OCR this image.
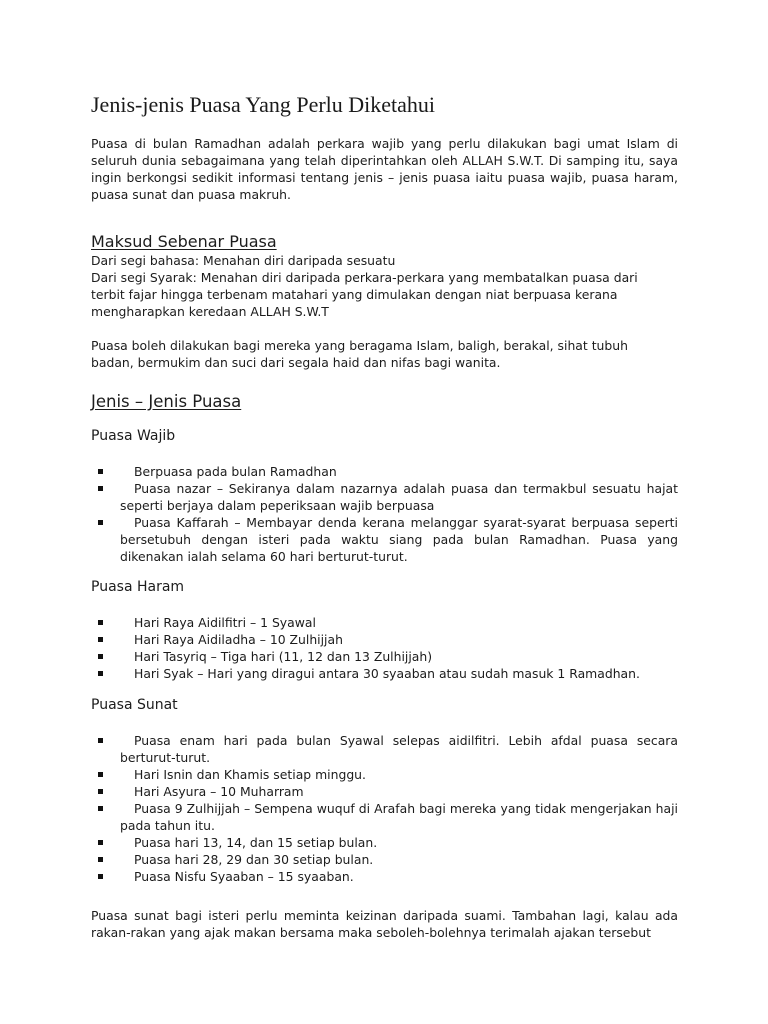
Jenis-jenis Puasa Yang Perlu Diketahui

Puasa di bulan Ramadhan adalah perkara wajib yang perlu dilakukan bagi umat Islam di seluruh dunia sebagaimana yang telah diperintahkan oleh ALLAH S.W.T. Di samping itu, saya ingin berkongsi sedikit informasi tentang jenis – jenis puasa iaitu puasa wajib, puasa haram, puasa sunat dan puasa makruh.

Maksud Sebenar Puasa

Dari segi bahasa: Menahan diri daripada sesuatu

Dari segi Syarak: Menahan diri daripada perkara-perkara yang membatalkan puasa dari

terbit fajar hingga terbenam matahari yang dimulakan dengan niat berpuasa kerana

mengharapkan keredaan ALLAH S.W.T

Puasa boleh dilakukan bagi mereka yang beragama Islam, baligh, berakal, sihat tubuh

badan, bermukim dan suci dari segala haid dan nifas bagi wanita.

Jenis – Jenis Puasa
Puasa Wajib
Berpuasa pada bulan Ramadhan
Puasa nazar – Sekiranya dalam nazarnya adalah puasa dan termakbul sesuatu hajat seperti berjaya dalam peperiksaan wajib berpuasa
Puasa Kaffarah – Membayar denda kerana melanggar syarat-syarat berpuasa seperti bersetubuh dengan isteri pada waktu siang pada bulan Ramadhan. Puasa yang dikenakan ialah selama 60 hari berturut-turut.
Puasa Haram
Hari Raya Aidilfitri – 1 Syawal
Hari Raya Aidiladha – 10 Zulhijjah
Hari Tasyriq – Tiga hari (11, 12 dan 13 Zulhijjah)
Hari Syak – Hari yang diragui antara 30 syaaban atau sudah masuk 1 Ramadhan.
Puasa Sunat
Puasa enam hari pada bulan Syawal selepas aidilfitri. Lebih afdal puasa secara berturut-turut.
Hari Isnin dan Khamis setiap minggu.
Hari Asyura – 10 Muharram
Puasa 9 Zulhijjah – Sempena wuquf di Arafah bagi mereka yang tidak mengerjakan haji pada tahun itu.
Puasa hari 13, 14, dan 15 setiap bulan.
Puasa hari 28, 29 dan 30 setiap bulan.
Puasa Nisfu Syaaban – 15 syaaban.

Puasa sunat bagi isteri perlu meminta keizinan daripada suami. Tambahan lagi, kalau ada rakan-rakan yang ajak makan bersama maka seboleh-bolehnya terimalah ajakan tersebut
